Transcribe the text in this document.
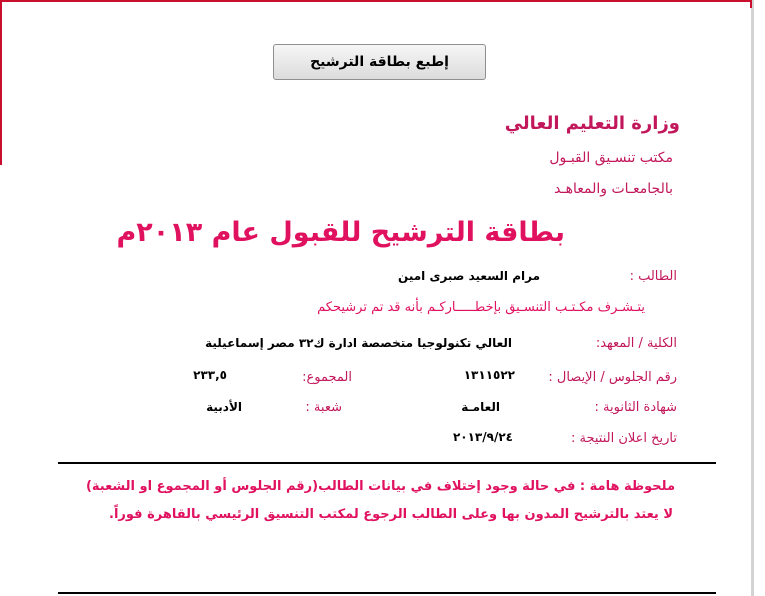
إطبع بطاقة الترشيح
وزارة التعليم العالي
مكتب تنسـيق القبـول
بالجامعـات والمعاهـد
بطاقة الترشيح للقبول عام ٢٠١٣م
الطالب :
مرام السعيد صبرى امين
يتـشـرف مكـتـب التنسـيق بإخطـــــاركـم بأنه قد تم ترشيحكم
الكلية / المعهد:
العالي تكنولوجيا متخصصة ادارة ك٣٢ مصر إسماعيلية
رقم الجلوس / الإيصال :
١٣١١٥٢٢
المجموع:
٢٣٣,٥
شهادة الثانوية :
العامـة
شعبة :
الأدبية
تاريخ اعلان النتيجة :
٢٠١٣/٩/٢٤
ملحوظة هامة : في حالة وجود إختلاف في بيانات الطالب(رقم الجلوس أو المجموع او الشعبة)
لا يعتد بالترشيح المدون بها وعلى الطالب الرجوع لمكتب التنسيق الرئيسي بالقاهرة فوراً.
